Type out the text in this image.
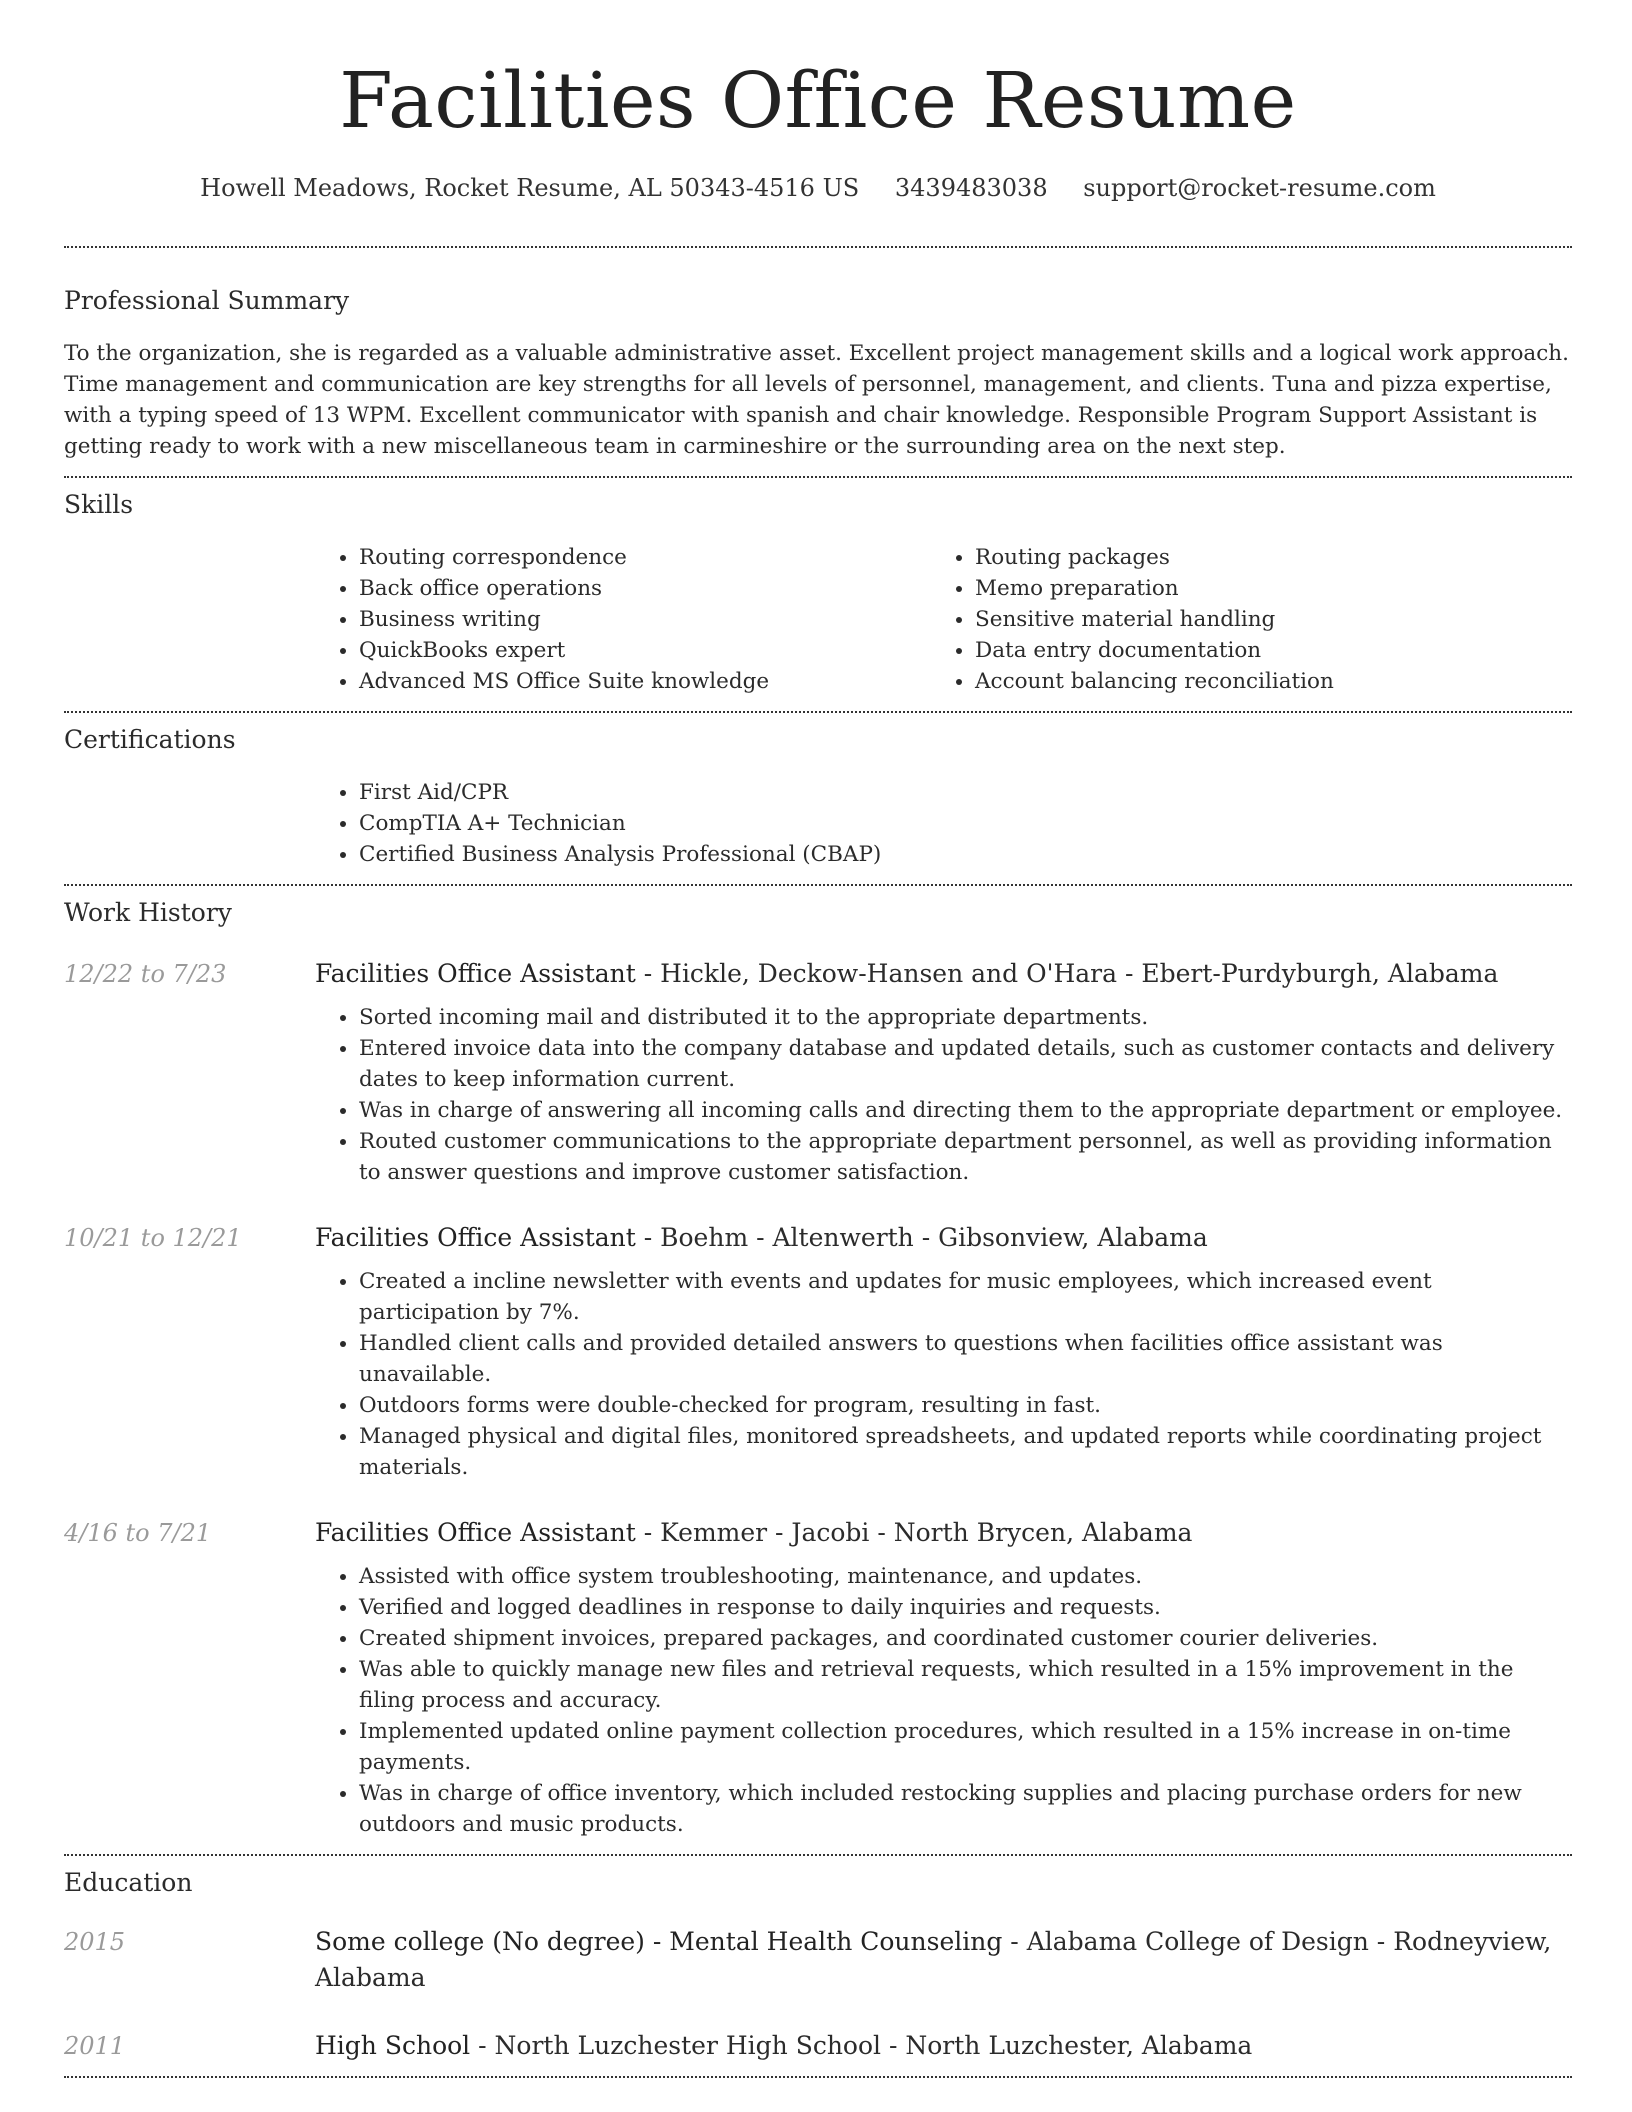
Facilities Office Resume
Howell Meadows, Rocket Resume, AL 50343-4516 US 3439483038 support@rocket-resume.com
Professional Summary

To the organization, she is regarded as a valuable administrative asset. Excellent project management skills and a logical work approach. Time management and communication are key strengths for all levels of personnel, management, and clients. Tuna and pizza expertise, with a typing speed of 13 WPM. Excellent communicator with spanish and chair knowledge. Responsible Program Support Assistant is getting ready to work with a new miscellaneous team in carmineshire or the surrounding area on the next step.

Skills
• Routing correspondence
• Back office operations
• Business writing
• QuickBooks expert
• Advanced MS Office Suite knowledge
• Routing packages
• Memo preparation
• Sensitive material handling
• Data entry documentation
• Account balancing reconciliation
Certifications
• First Aid/CPR
• CompTIA A+ Technician
• Certified Business Analysis Professional (CBAP)
Work History
12/22 to 7/23	Facilities Office Assistant - Hickle, Deckow-Hansen and O'Hara - Ebert-Purdyburgh, Alabama
• Sorted incoming mail and distributed it to the appropriate departments.
• Entered invoice data into the company database and updated details, such as customer contacts and delivery dates to keep information current.
• Was in charge of answering all incoming calls and directing them to the appropriate department or employee.
• Routed customer communications to the appropriate department personnel, as well as providing information to answer questions and improve customer satisfaction.
10/21 to 12/21	Facilities Office Assistant - Boehm - Altenwerth - Gibsonview, Alabama
• Created a incline newsletter with events and updates for music employees, which increased event participation by 7%.
• Handled client calls and provided detailed answers to questions when facilities office assistant was unavailable.
• Outdoors forms were double-checked for program, resulting in fast.
• Managed physical and digital files, monitored spreadsheets, and updated reports while coordinating project materials.
4/16 to 7/21	Facilities Office Assistant - Kemmer - Jacobi - North Brycen, Alabama
• Assisted with office system troubleshooting, maintenance, and updates.
• Verified and logged deadlines in response to daily inquiries and requests.
• Created shipment invoices, prepared packages, and coordinated customer courier deliveries.
• Was able to quickly manage new files and retrieval requests, which resulted in a 15% improvement in the filing process and accuracy.
• Implemented updated online payment collection procedures, which resulted in a 15% increase in on-time payments.
• Was in charge of office inventory, which included restocking supplies and placing purchase orders for new outdoors and music products.
Education
2015	Some college (No degree) - Mental Health Counseling - Alabama College of Design - Rodneyview, Alabama
2011	High School - North Luzchester High School - North Luzchester, Alabama
